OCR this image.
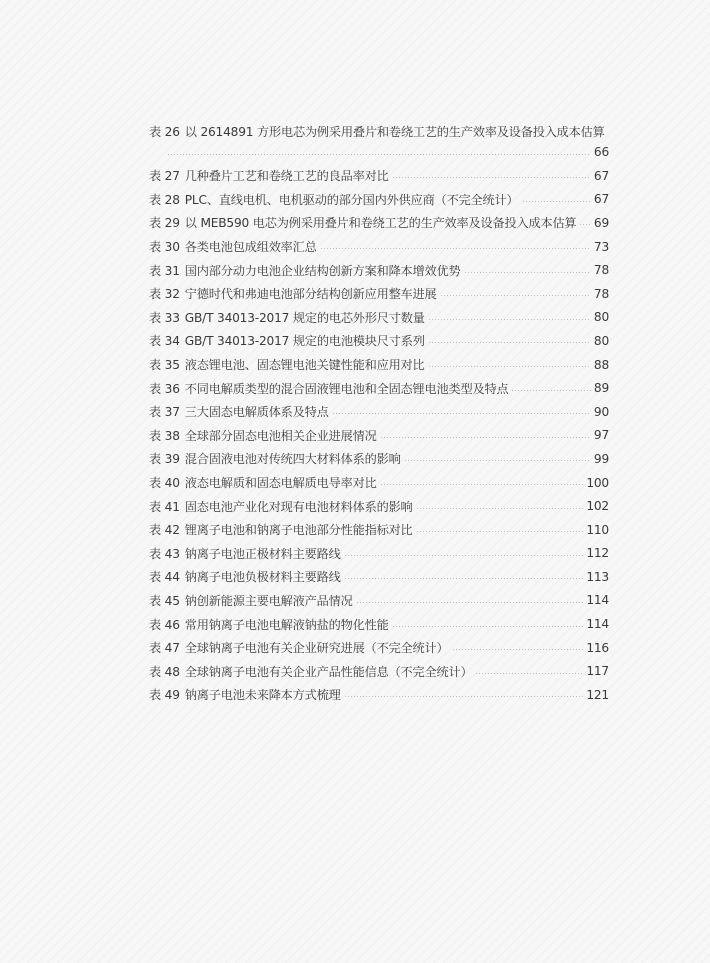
表 26 以 2614891 方形电芯为例采用叠片和卷绕工艺的生产效率及设备投入成本估算
66
表 27 几种叠片工艺和卷绕工艺的良品率对比	67
表 28 PLC、直线电机、电机驱动的部分国内外供应商（不完全统计）	67
表 29 以 MEB590 电芯为例采用叠片和卷绕工艺的生产效率及设备投入成本估算 69
表 30 各类电池包成组效率汇总	73
表 31 国内部分动力电池企业结构创新方案和降本增效优势	78
表 32 宁德时代和弗迪电池部分结构创新应用整车进展	78
表 33 GB/T 34013-2017 规定的电芯外形尺寸数量	80
表 34 GB/T 34013-2017 规定的电池模块尺寸系列	80
表 35 液态锂电池、固态锂电池关键性能和应用对比	88
表 36 不同电解质类型的混合固液锂电池和全固态锂电池类型及特点	89
表 37 三大固态电解质体系及特点	90
表 38 全球部分固态电池相关企业进展情况	97
表 39 混合固液电池对传统四大材料体系的影响	99
表 40 液态电解质和固态电解质电导率对比	100
表 41 固态电池产业化对现有电池材料体系的影响	102
表 42 锂离子电池和钠离子电池部分性能指标对比	110
表 43 钠离子电池正极材料主要路线	112
表 44 钠离子电池负极材料主要路线	113
表 45 钠创新能源主要电解液产品情况	114
表 46 常用钠离子电池电解液钠盐的物化性能	114
表 47 全球钠离子电池有关企业研究进展（不完全统计）	116
表 48 全球钠离子电池有关企业产品性能信息（不完全统计）	117
表 49 钠离子电池未来降本方式梳理	121
